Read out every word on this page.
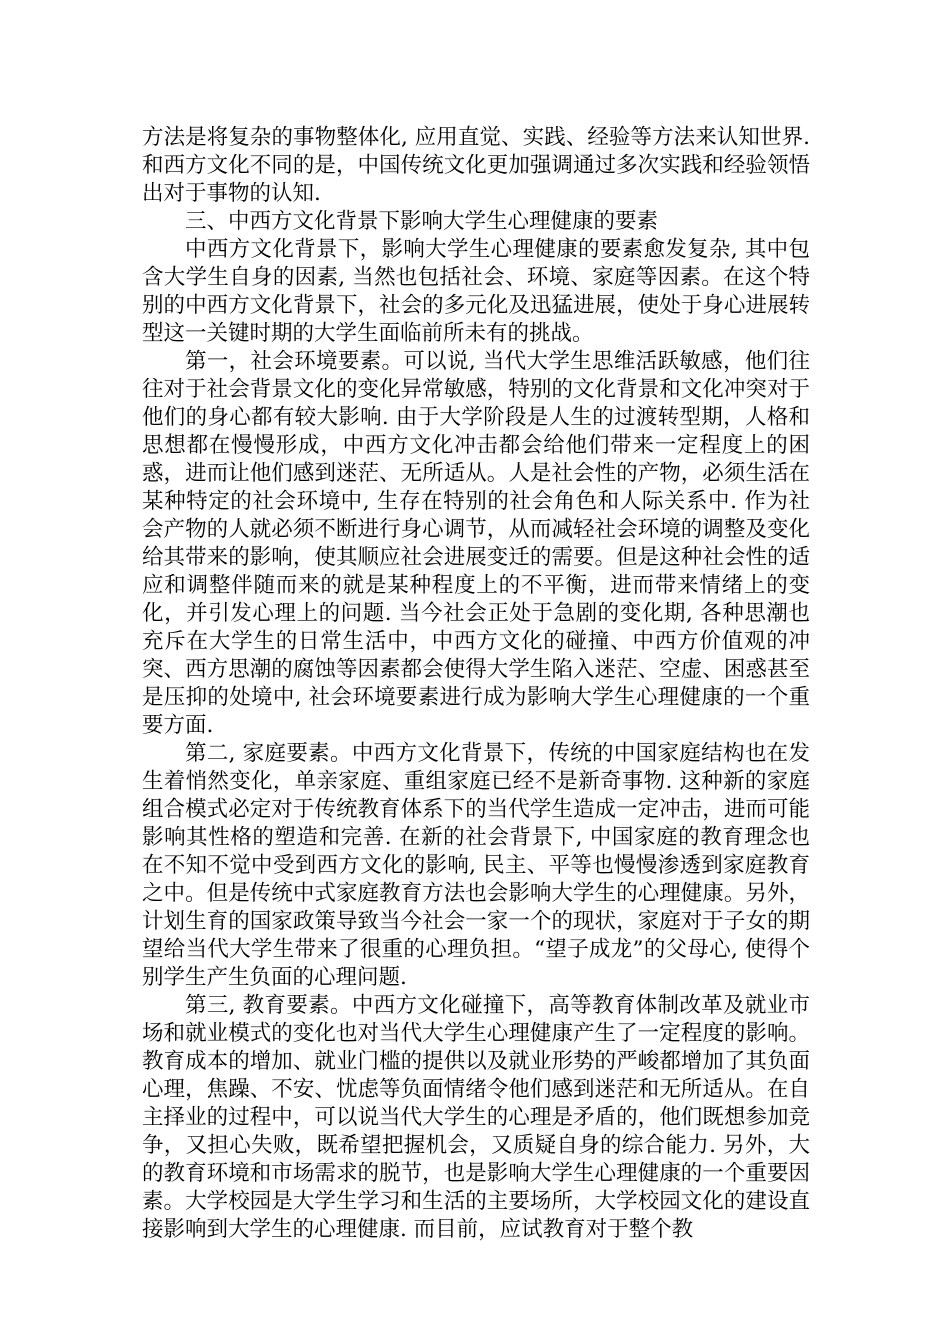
方法是将复杂的事物整体化, 应用直觉、实践、经验等方法来认知世界. 和西方文化不同的是，中国传统文化更加强调通过多次实践和经验领悟出对于事物的认知.

三、中西方文化背景下影响大学生心理健康的要素

中西方文化背景下，影响大学生心理健康的要素愈发复杂, 其中包含大学生自身的因素, 当然也包括社会、环境、家庭等因素。在这个特别的中西方文化背景下，社会的多元化及迅猛进展，使处于身心进展转型这一关键时期的大学生面临前所未有的挑战。

第一，社会环境要素。可以说, 当代大学生思维活跃敏感，他们往往对于社会背景文化的变化异常敏感，特别的文化背景和文化冲突对于他们的身心都有较大影响. 由于大学阶段是人生的过渡转型期，人格和思想都在慢慢形成，中西方文化冲击都会给他们带来一定程度上的困惑，进而让他们感到迷茫、无所适从。人是社会性的产物，必须生活在某种特定的社会环境中, 生存在特别的社会角色和人际关系中. 作为社会产物的人就必须不断进行身心调节，从而减轻社会环境的调整及变化给其带来的影响，使其顺应社会进展变迁的需要。但是这种社会性的适应和调整伴随而来的就是某种程度上的不平衡，进而带来情绪上的变化，并引发心理上的问题. 当今社会正处于急剧的变化期, 各种思潮也充斥在大学生的日常生活中，中西方文化的碰撞、中西方价值观的冲突、西方思潮的腐蚀等因素都会使得大学生陷入迷茫、空虚、困惑甚至是压抑的处境中, 社会环境要素进行成为影响大学生心理健康的一个重要方面.

第二, 家庭要素。中西方文化背景下，传统的中国家庭结构也在发生着悄然变化，单亲家庭、重组家庭已经不是新奇事物. 这种新的家庭组合模式必定对于传统教育体系下的当代学生造成一定冲击，进而可能影响其性格的塑造和完善. 在新的社会背景下, 中国家庭的教育理念也在不知不觉中受到西方文化的影响, 民主、平等也慢慢渗透到家庭教育之中。但是传统中式家庭教育方法也会影响大学生的心理健康。另外，计划生育的国家政策导致当今社会一家一个的现状，家庭对于子女的期望给当代大学生带来了很重的心理负担。“望子成龙”的父母心, 使得个别学生产生负面的心理问题.

第三, 教育要素。中西方文化碰撞下，高等教育体制改革及就业市场和就业模式的变化也对当代大学生心理健康产生了一定程度的影响。教育成本的增加、就业门槛的提供以及就业形势的严峻都增加了其负面心理，焦躁、不安、忧虑等负面情绪令他们感到迷茫和无所适从。在自主择业的过程中，可以说当代大学生的心理是矛盾的，他们既想参加竞争，又担心失败，既希望把握机会，又质疑自身的综合能力. 另外，大的教育环境和市场需求的脱节，也是影响大学生心理健康的一个重要因素。大学校园是大学生学习和生活的主要场所，大学校园文化的建设直接影响到大学生的心理健康. 而目前，应试教育对于整个教
